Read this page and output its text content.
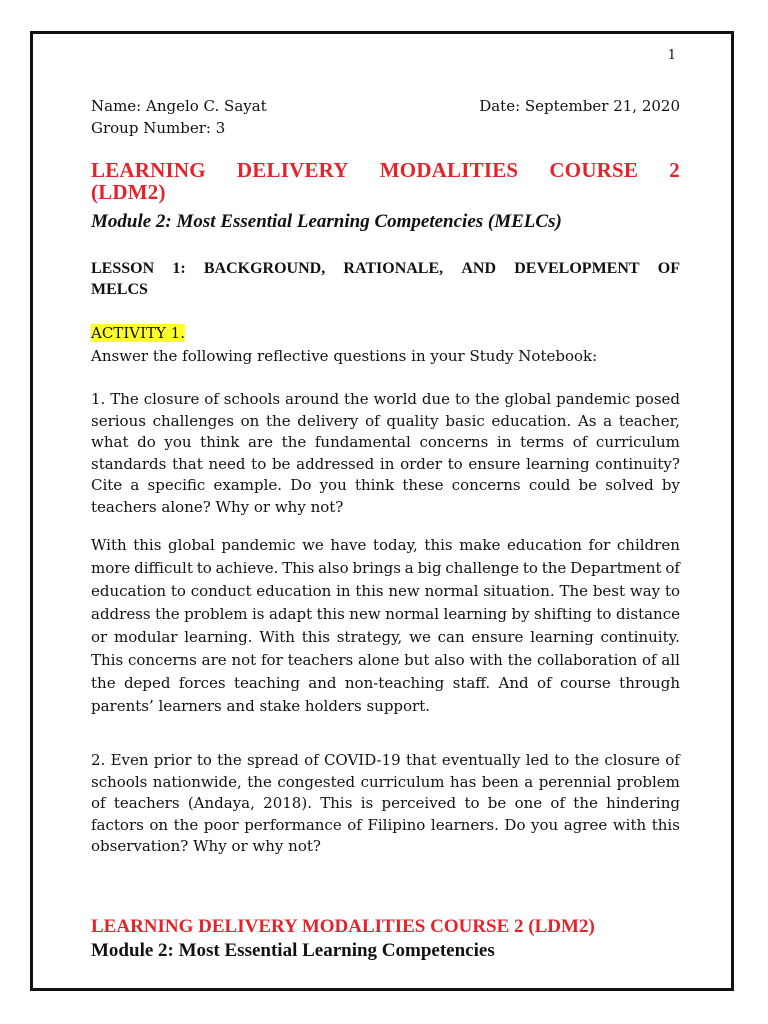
1
Name: Angelo C. Sayat	Date: September 21, 2020
Group Number: 3
LEARNING DELIVERY MODALITIES COURSE 2
(LDM2)
Module 2: Most Essential Learning Competencies (MELCs)
LESSON 1: BACKGROUND, RATIONALE, AND DEVELOPMENT OF
MELCS
ACTIVITY 1.
Answer the following reflective questions in your Study Notebook:
1. The closure of schools around the world due to the global pandemic posed
serious challenges on the delivery of quality basic education. As a teacher,
what do you think are the fundamental concerns in terms of curriculum
standards that need to be addressed in order to ensure learning continuity?
Cite a specific example. Do you think these concerns could be solved by
teachers alone? Why or why not?
With this global pandemic we have today, this make education for children
more difficult to achieve. This also brings a big challenge to the Department of
education to conduct education in this new normal situation. The best way to
address the problem is adapt this new normal learning by shifting to distance
or modular learning. With this strategy, we can ensure learning continuity.
This concerns are not for teachers alone but also with the collaboration of all
the deped forces teaching and non-teaching staff. And of course through
parents’ learners and stake holders support.
2. Even prior to the spread of COVID-19 that eventually led to the closure of
schools nationwide, the congested curriculum has been a perennial problem
of teachers (Andaya, 2018). This is perceived to be one of the hindering
factors on the poor performance of Filipino learners. Do you agree with this
observation? Why or why not?
LEARNING DELIVERY MODALITIES COURSE 2 (LDM2)
Module 2: Most Essential Learning Competencies
